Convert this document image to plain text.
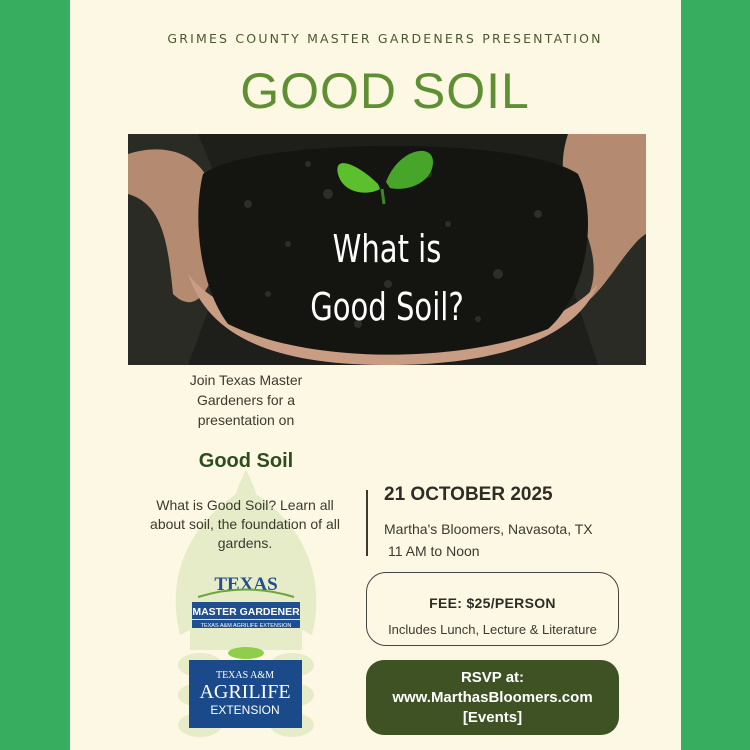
GRIMES COUNTY MASTER GARDENERS PRESENTATION
GOOD SOIL
What is
Good Soil?
Join Texas Master Gardeners for a presentation on
Good Soil
What is Good Soil? Learn all about soil, the foundation of all gardens.
21 OCTOBER 2025
Martha's Bloomers, Navasota, TX
11 AM to Noon
FEE: $25/PERSON
Includes Lunch, Lecture & Literature
RSVP at:
www.MarthasBloomers.com
[Events]
TEXAS
MASTER GARDENER
TEXAS A&M AGRILIFE EXTENSION
TEXAS A&M
AGRILIFE
EXTENSION
